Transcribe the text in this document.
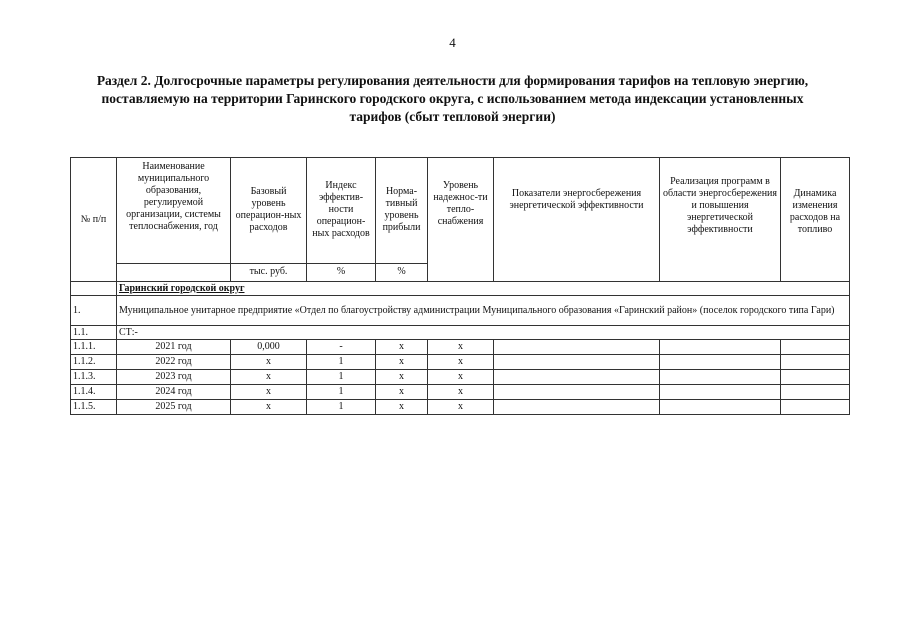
4
Раздел 2. Долгосрочные параметры регулирования деятельности для формирования тарифов на тепловую энергию, поставляемую на территории Гаринского городского округа, с использованием метода индексации установленных тарифов (сбыт тепловой энергии)
№ п/п	Наименование муниципального образования, регулируемой организации, системы теплоснабжения, год	Базовый уровень операцион-ных расходов	Индекс эффектив-ности операцион-ных расходов	Норма-тивный уровень прибыли	Уровень надежнос-ти тепло-снабжения	Показатели энергосбережения энергетической эффективности	Реализация программ в области энергосбережения и повышения энергетической эффективности	Динамика изменения расходов на топливо
		тыс. руб.	%	%				
	Гаринский городской округ							
1.	Муниципальное унитарное предприятие «Отдел по благоустройству администрации Муниципального образования «Гаринский район» (поселок городского типа Гари)							
1.1.	СТ:-							
1.1.1.	2021 год	0,000	-	x	x			
1.1.2.	2022 год	x	1	x	x			
1.1.3.	2023 год	x	1	x	x			
1.1.4.	2024 год	x	1	x	x			
1.1.5.	2025 год	x	1	x	x			
